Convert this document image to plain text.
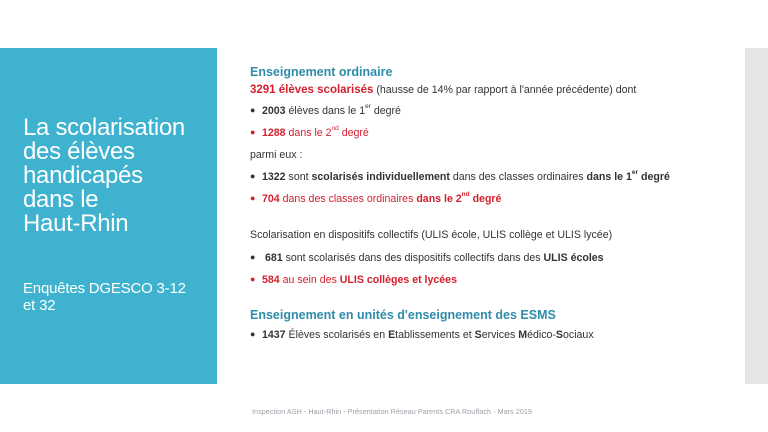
La scolarisation
des élèves
handicapés
dans le
Haut-Rhin
Enquêtes DGESCO 3-12
et 32
Enseignement ordinaire
3291 élèves scolarisés (hausse de 14% par rapport à l'année précédente) dont
● 2003 élèves dans le 1er degré
● 1288 dans le 2nd degré
parmi eux :
● 1322 sont scolarisés individuellement dans des classes ordinaires dans le 1er degré
● 704 dans des classes ordinaires dans le 2nd degré
Scolarisation en dispositifs collectifs (ULIS école, ULIS collège et ULIS lycée)
● 681 sont scolarisés dans des dispositifs collectifs dans des ULIS écoles
● 584 au sein des ULIS collèges et lycées
Enseignement en unités d'enseignement des ESMS
● 1437 Élèves scolarisés en Etablissements et Services Médico-Sociaux
Inspection ASH - Haut-Rhin - Présentation Réseau Parents CRA Rouffach - Mars 2019
